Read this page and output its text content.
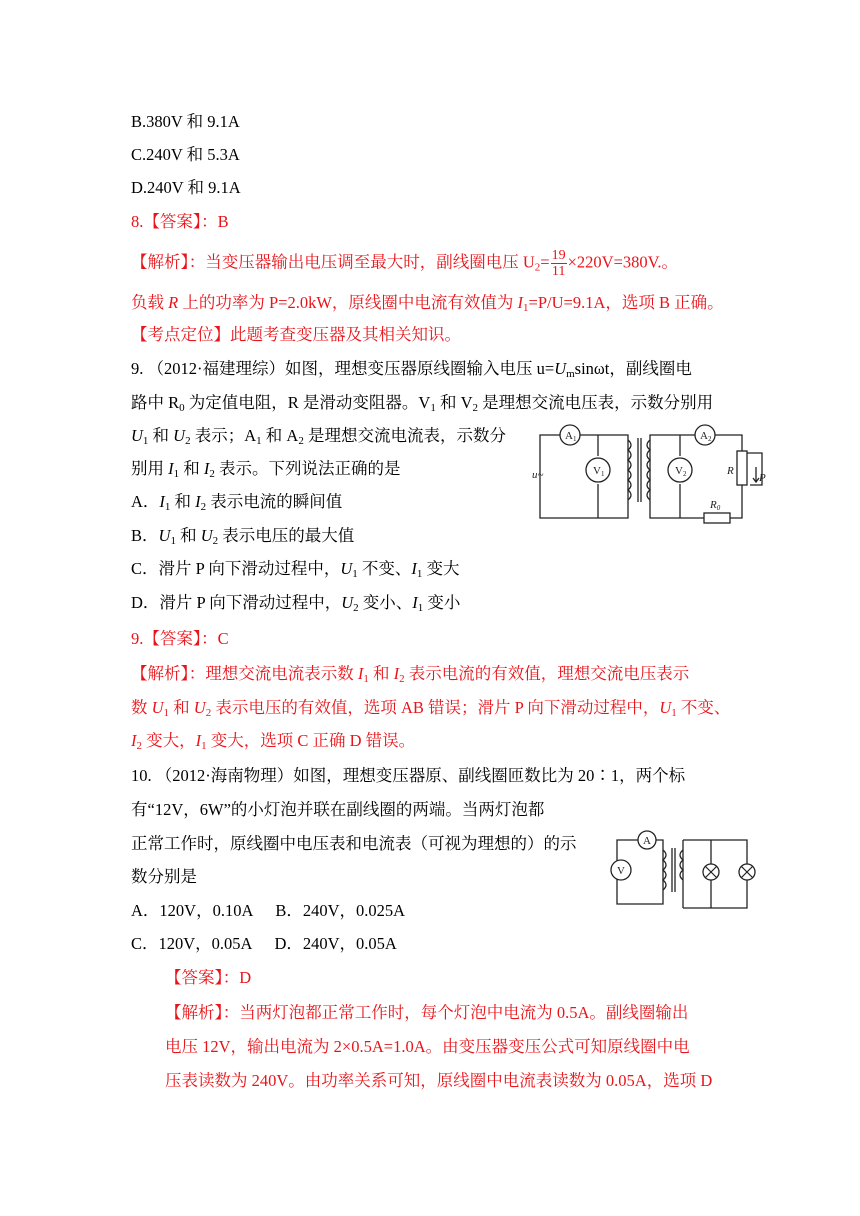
B.380V 和 9.1A
C.240V 和 5.3A
D.240V 和 9.1A
8.【答案】：B
【解析】：当变压器输出电压调至最大时，副线圈电压 $U_2= \frac{19}{11} \times 220V=380V$.。
负载 R 上的功率为 P=2.0kW，原线圈中电流有效值为 $I_1=P/U=9.1A$，选项 B 正确。
【考点定位】此题考查变压器及其相关知识。
9. （2012·福建理综）如图，理想变压器原线圈输入电压 $u=U_m\sin\omega t$，副线圈电
路中 $R_0$ 为定值电阻，R 是滑动变阻器。$V_1$ 和 $V_2$ 是理想交流电压表，示数分别用
$U_1$ 和 $U_2$ 表示；$A_1$ 和 $A_2$ 是理想交流电流表，示数分
别用 $I_1$ 和 $I_2$ 表示。下列说法正确的是
A．$I_1$ 和 $I_2$ 表示电流的瞬间值
B．$U_1$ 和 $U_2$ 表示电压的最大值
C．滑片 P 向下滑动过程中，$U_1$ 不变、$I_1$ 变大
D．滑片 P 向下滑动过程中，$U_2$ 变小、$I_1$ 变小
A1
V1
A2
V2
u~	R
P
R0
9.【答案】：C
【解析】：理想交流电流表示数 $I_1$ 和 $I_2$ 表示电流的有效值，理想交流电压表示
数 $U_1$ 和 $U_2$ 表示电压的有效值，选项 AB 错误；滑片 P 向下滑动过程中，$U_1$ 不变、
$I_2$ 变大，$I_1$ 变大，选项 C 正确 D 错误。
10. （2012·海南物理）如图，理想变压器原、副线圈匝数比为 20∶1，两个标
有“12V，6W”的小灯泡并联在副线圈的两端。当两灯泡都
正常工作时，原线圈中电压表和电流表（可视为理想的）的示
数分别是
A．120V，0.10A B．240V，0.025A
C．120V，0.05A D．240V，0.05A
A
V
【答案】：D
【解析】：当两灯泡都正常工作时，每个灯泡中电流为 0.5A。副线圈输出
电压 12V，输出电流为 2×0.5A=1.0A。由变压器变压公式可知原线圈中电
压表读数为 240V。由功率关系可知，原线圈中电流表读数为 0.05A，选项 D
